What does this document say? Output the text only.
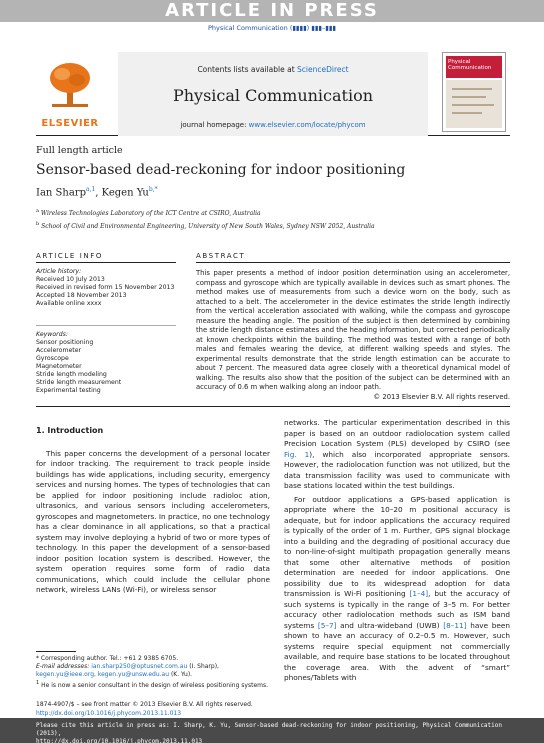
ARTICLE IN PRESS
Physical Communication (▮▮▮▮) ▮▮▮–▮▮▮
ELSEVIER
Contents lists available at ScienceDirect
Physical Communication
journal homepage: www.elsevier.com/locate/phycom
Physical
Communication
Full length article
Sensor-based dead-reckoning for indoor positioning
Ian Sharp$^{a,1}$, Kegen $Yu^{b,*}$
$^a$ Wireless Technologies Laboratory of the ICT Centre at CSIRO, Australia
$^b$ School of Civil and Environmental Engineering, University of New South Wales, Sydney NSW 2052, Australia
ARTICLE INFO	ABSTRACT
Article history:
Received 10 July 2013
Received in revised form 15 November 2013
Accepted 18 November 2013
Available online xxxx
Keywords:
Sensor positioning
Accelerometer
Gyroscope
Magnetometer
Stride length modeling
Stride length measurement
Experimental testing
This paper presents a method of indoor position determination using an accelerometer, compass and gyroscope which are typically available in devices such as smart phones. The method makes use of measurements from such a device worn on the body, such as attached to a belt. The accelerometer in the device estimates the stride length indirectly from the vertical acceleration associated with walking, while the compass and gyroscope measure the heading angle. The position of the subject is then determined by combining the stride length distance estimates and the heading information, but corrected periodically at known checkpoints within the building. The method was tested with a range of both males and females wearing the device, at different walking speeds and styles. The experimental results demonstrate that the stride length estimation can be accurate to about 7 percent. The measured data agree closely with a theoretical dynamical model of walking. The results also show that the position of the subject can be determined with an accuracy of 0.6 m when walking along an indoor path.
© 2013 Elsevier B.V. All rights reserved.
1. Introduction

This paper concerns the development of a personal locater for indoor tracking. The requirement to track people inside buildings has wide applications, including security, emergency services and nursing homes. The types of technologies that can be applied for indoor positioning include radioloc ation, ultrasonics, and various sensors including accelerometers, gyroscopes and magnetometers. In practice, no one technology has a clear dominance in all applications, so that a practical system may involve deploying a hybrid of two or more types of technology. In this paper the development of a sensor-based indoor position location system is described. However, the system operation requires some form of radio data communications, which could include the cellular phone network, wireless LANs (Wi-Fi), or wireless sensor

networks. The particular experimentation described in this paper is based on an outdoor radiolocation system called Precision Location System (PLS) developed by CSIRO (see Fig. 1), which also incorporated appropriate sensors. However, the radiolocation function was not utilized, but the data transmission facility was used to communicate with base stations located within the test buildings.

For outdoor applications a GPS-based application is appropriate where the 10–20 m positional accuracy is adequate, but for indoor applications the accuracy required is typically of the order of 1 m. Further, GPS signal blockage into a building and the degrading of positional accuracy due to non-line-of-sight multipath propagation generally means that some other alternative methods of position determination are needed for indoor applications. One possibility due to its widespread adoption for data transmission is Wi-Fi positioning [1–4], but the accuracy of such systems is typically in the range of 3–5 m. For better accuracy other radiolocation methods such as ISM band systems [5–7] and ultra-wideband (UWB) [8–11] have been shown to have an accuracy of 0.2–0.5 m. However, such systems require special equipment not commercially available, and require base stations to be located throughout the coverage area. With the advent of “smart” phones/Tablets with

* Corresponding author. Tel.: +61 2 9385 6705.
E-mail addresses: ian.sharp250@optusnet.com.au (I. Sharp), kegen.yu@ieee.org, kegen.yu@unsw.edu.au (K. Yu).
$^1$ He is now a senior consultant in the design of wireless positioning systems.
1874-4907/$ – see front matter © 2013 Elsevier B.V. All rights reserved.
http://dx.doi.org/10.1016/j.phycom.2013.11.013
Please cite this article in press as: I. Sharp, K. Yu, Sensor-based dead-reckoning for indoor positioning, Physical Communication (2013),
http://dx.doi.org/10.1016/j.phycom.2013.11.013
